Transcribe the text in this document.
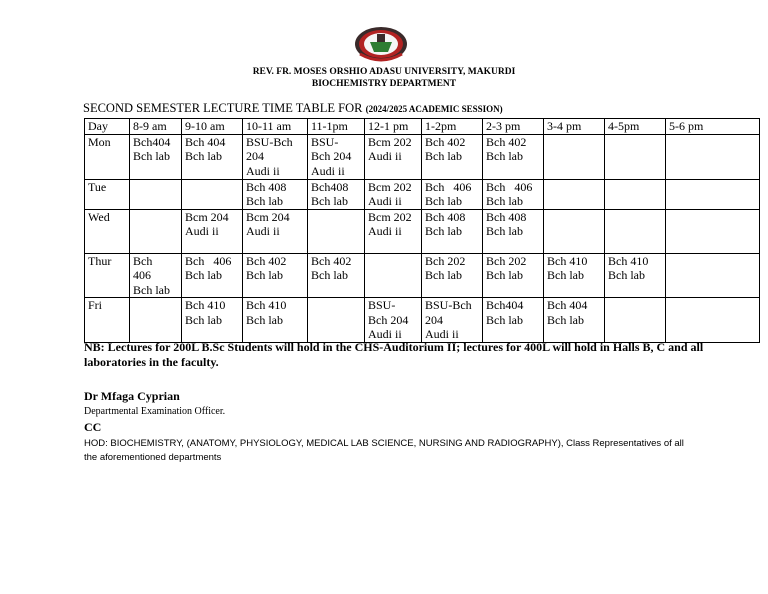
REV. FR. MOSES ORSHIO ADASU UNIVERSITY, MAKURDI
BIOCHEMISTRY DEPARTMENT
SECOND SEMESTER LECTURE TIME TABLE FOR (2024/2025 ACADEMIC SESSION)
Day	8-9 am	9-10 am	10-11 am	11-1pm	12-1 pm	1-2pm	2-3 pm	3-4 pm	4-5pm	5-6 pm
Mon	Bch404
Bch lab	Bch 404
Bch lab	BSU-Bch
204
Audi ii	BSU-
Bch 204
Audi ii	Bcm 202
Audi ii	Bch 402
Bch lab	Bch 402
Bch lab			

Tue			Bch 408
Bch lab	Bch408
Bch lab	Bcm 202
Audi ii	Bch   406
Bch lab	Bch   406
Bch lab			

Wed		Bcm 204
Audi ii	Bcm 204
Audi ii		Bcm 202
Audi ii	Bch 408
Bch lab	Bch 408
Bch lab			

Thur	Bch
406
Bch lab	Bch   406
Bch lab	Bch 402
Bch lab	Bch 402
Bch lab		Bch 202
Bch lab	Bch 202
Bch lab	Bch 410
Bch lab	Bch 410
Bch lab	

Fri		Bch 410
Bch lab	Bch 410
Bch lab		BSU-
Bch 204
Audi ii	BSU-Bch
204
Audi ii	Bch404
Bch lab	Bch 404
Bch lab		

NB: Lectures for 200L B.Sc Students will hold in the CHS-Auditorium II; lectures for 400L will hold in Halls B, C and all laboratories in the faculty.
Dr Mfaga Cyprian
Departmental Examination Officer.
CC
HOD: BIOCHEMISTRY, (ANATOMY, PHYSIOLOGY, MEDICAL LAB SCIENCE, NURSING AND RADIOGRAPHY), Class Representatives of all the aforementioned departments
